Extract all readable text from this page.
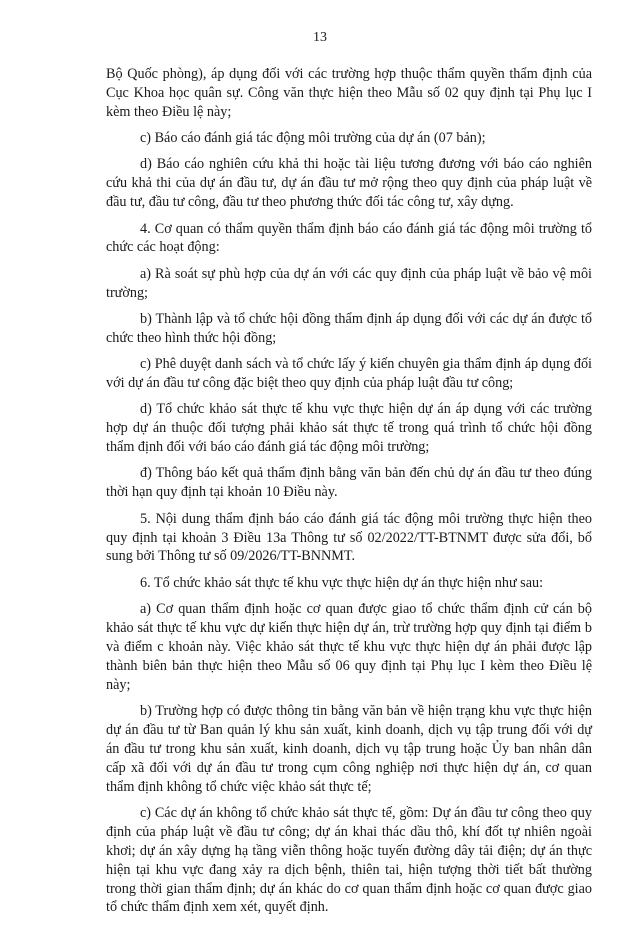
13

Bộ Quốc phòng), áp dụng đối với các trường hợp thuộc thẩm quyền thẩm định của Cục Khoa học quân sự. Công văn thực hiện theo Mẫu số 02 quy định tại Phụ lục I kèm theo Điều lệ này;

c) Báo cáo đánh giá tác động môi trường của dự án (07 bản);

d) Báo cáo nghiên cứu khả thi hoặc tài liệu tương đương với báo cáo nghiên cứu khả thi của dự án đầu tư, dự án đầu tư mở rộng theo quy định của pháp luật về đầu tư, đầu tư công, đầu tư theo phương thức đối tác công tư, xây dựng.

4. Cơ quan có thẩm quyền thẩm định báo cáo đánh giá tác động môi trường tổ chức các hoạt động:

a) Rà soát sự phù hợp của dự án với các quy định của pháp luật về bảo vệ môi trường;

b) Thành lập và tổ chức hội đồng thẩm định áp dụng đối với các dự án được tổ chức theo hình thức hội đồng;

c) Phê duyệt danh sách và tổ chức lấy ý kiến chuyên gia thẩm định áp dụng đối với dự án đầu tư công đặc biệt theo quy định của pháp luật đầu tư công;

d) Tổ chức khảo sát thực tế khu vực thực hiện dự án áp dụng với các trường hợp dự án thuộc đối tượng phải khảo sát thực tế trong quá trình tổ chức hội đồng thẩm định đối với báo cáo đánh giá tác động môi trường;

đ) Thông báo kết quả thẩm định bằng văn bản đến chủ dự án đầu tư theo đúng thời hạn quy định tại khoản 10 Điều này.

5. Nội dung thẩm định báo cáo đánh giá tác động môi trường thực hiện theo quy định tại khoản 3 Điều 13a Thông tư số 02/2022/TT-BTNMT được sửa đổi, bổ sung bởi Thông tư số 09/2026/TT-BNNMT.

6. Tổ chức khảo sát thực tế khu vực thực hiện dự án thực hiện như sau:

a) Cơ quan thẩm định hoặc cơ quan được giao tổ chức thẩm định cử cán bộ khảo sát thực tế khu vực dự kiến thực hiện dự án, trừ trường hợp quy định tại điểm b và điểm c khoản này. Việc khảo sát thực tế khu vực thực hiện dự án phải được lập thành biên bản thực hiện theo Mẫu số 06 quy định tại Phụ lục I kèm theo Điều lệ này;

b) Trường hợp có được thông tin bằng văn bản về hiện trạng khu vực thực hiện dự án đầu tư từ Ban quản lý khu sản xuất, kinh doanh, dịch vụ tập trung đối với dự án đầu tư trong khu sản xuất, kinh doanh, dịch vụ tập trung hoặc Ủy ban nhân dân cấp xã đối với dự án đầu tư trong cụm công nghiệp nơi thực hiện dự án, cơ quan thẩm định không tổ chức việc khảo sát thực tế;

c) Các dự án không tổ chức khảo sát thực tế, gồm: Dự án đầu tư công theo quy định của pháp luật về đầu tư công; dự án khai thác dầu thô, khí đốt tự nhiên ngoài khơi; dự án xây dựng hạ tầng viễn thông hoặc tuyến đường dây tải điện; dự án thực hiện tại khu vực đang xảy ra dịch bệnh, thiên tai, hiện tượng thời tiết bất thường trong thời gian thẩm định; dự án khác do cơ quan thẩm định hoặc cơ quan được giao tổ chức thẩm định xem xét, quyết định.
